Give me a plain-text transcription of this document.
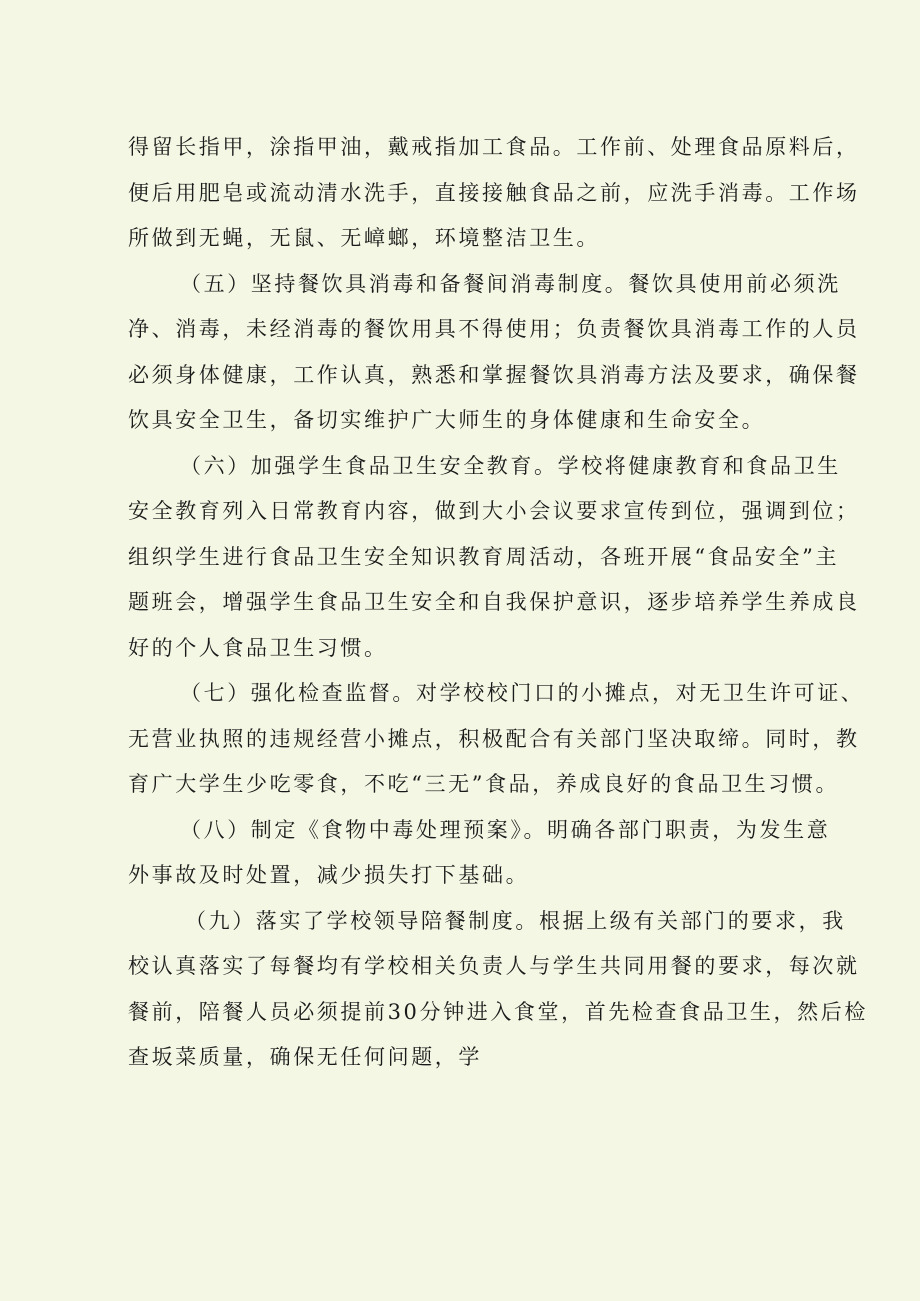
得留长指甲，涂指甲油，戴戒指加工食品。工作前、处理食品原料后，
便后用肥皂或流动清水洗手，直接接触食品之前，应洗手消毒。工作场
所做到无蝇，无鼠、无嶂螂，环境整洁卫生。
（五）坚持餐饮具消毒和备餐间消毒制度。餐饮具使用前必须洗
净、消毒，未经消毒的餐饮用具不得使用；负责餐饮具消毒工作的人员
必须身体健康，工作认真，熟悉和掌握餐饮具消毒方法及要求，确保餐
饮具安全卫生，备切实维护广大师生的身体健康和生命安全。
（六）加强学生食品卫生安全教育。学校将健康教育和食品卫生
安全教育列入日常教育内容，做到大小会议要求宣传到位，强调到位；
组织学生进行食品卫生安全知识教育周活动，各班开展“食品安全”主
题班会，增强学生食品卫生安全和自我保护意识，逐步培养学生养成良
好的个人食品卫生习惯。
（七）强化检查监督。对学校校门口的小摊点，对无卫生许可证、
无营业执照的违规经营小摊点，积极配合有关部门坚决取缔。同时，教
育广大学生少吃零食，不吃“三无”食品，养成良好的食品卫生习惯。
（八）制定《食物中毒处理预案》。明确各部门职责，为发生意
外事故及时处置，减少损失打下基础。
（九）落实了学校领导陪餐制度。根据上级有关部门的要求，我
校认真落实了每餐均有学校相关负责人与学生共同用餐的要求，每次就
餐前，陪餐人员必须提前30分钟进入食堂，首先检查食品卫生，然后检
查坂菜质量，确保无任何问题，学
